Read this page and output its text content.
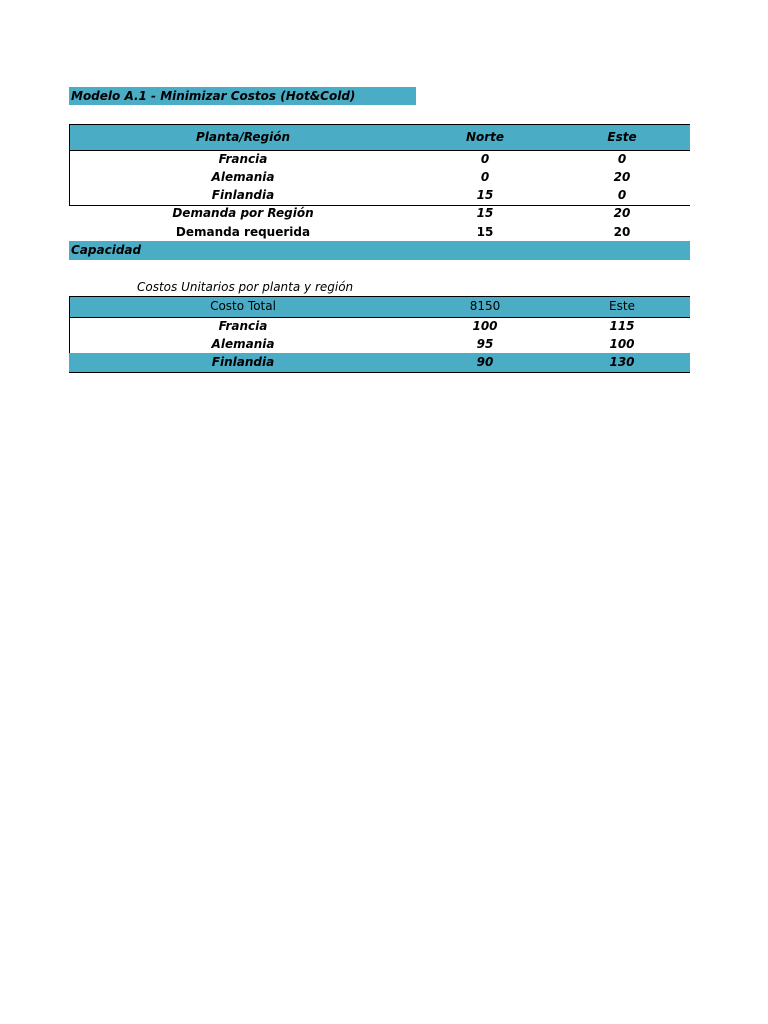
Modelo A.1 - Minimizar Costos (Hot&Cold)
Planta/Región	Norte	Este
Francia	0	0
Alemania	0	20
Finlandia	15	0
Demanda por Región	15	20
Demanda requerida	15	20
Capacidad
Costos Unitarios por planta y región
Costo Total	8150	Este
Francia	100	115
Alemania	95	100
Finlandia	90	130
